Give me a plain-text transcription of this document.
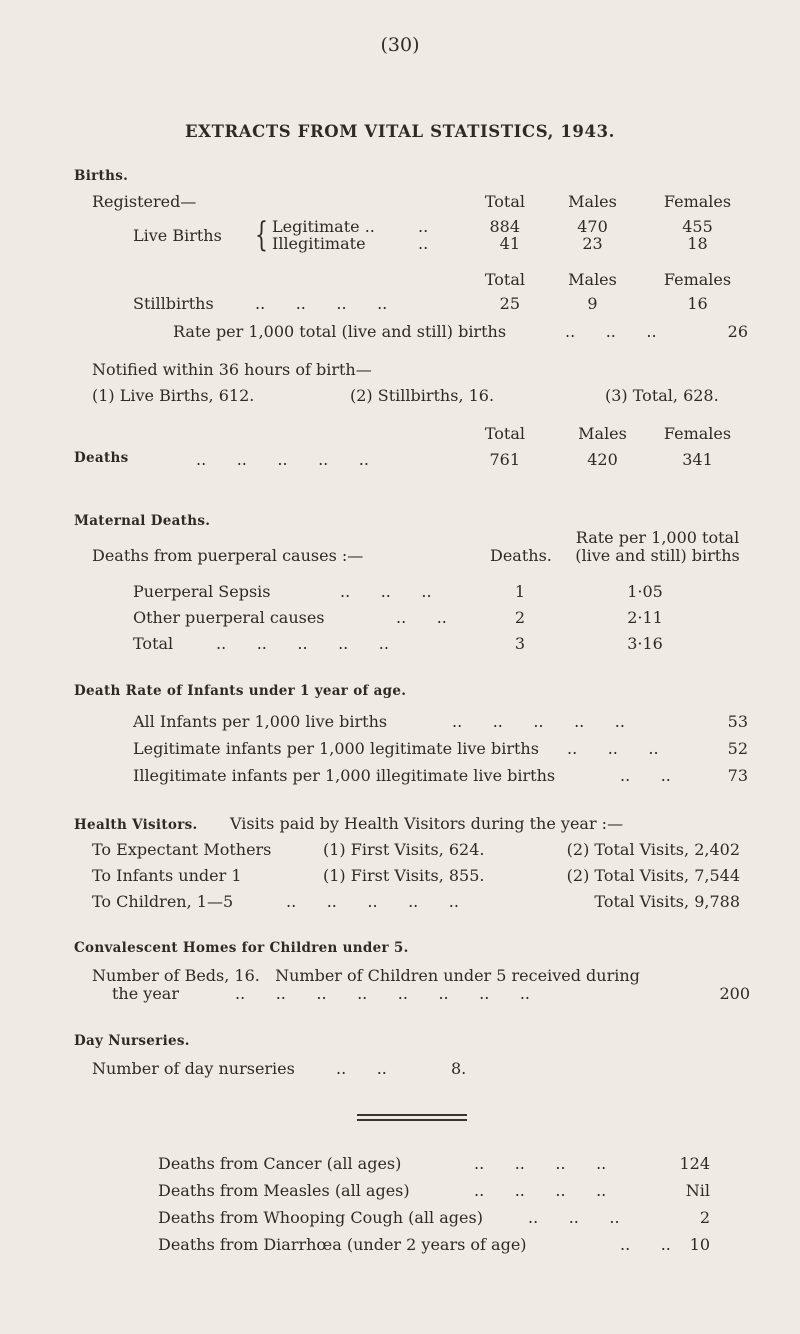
(30)
EXTRACTS FROM VITAL STATISTICS, 1943.
Births.
Registered—	Total	Males	Females
Live Births { Legitimate ..	..	884	470	455
Illegitimate	..	41	23	18
Total	Males	Females
Stillbirths	..      ..      ..      ..	25	9	16
Rate per 1,000 total (live and still) births	..      ..      ..	26
Notified within 36 hours of birth—
(1) Live Births, 612.	(2) Stillbirths, 16.	(3) Total, 628.
Total	Males	Females
Deaths	..      ..      ..      ..      ..	761	420	341
Maternal Deaths.
Rate per 1,000 total
Deaths from puerperal causes :—	Deaths.	(live and still) births
Puerperal Sepsis	..      ..      ..	1	1·05
Other puerperal causes	..      ..	2	2·11
Total	..      ..      ..      ..      ..	3	3·16
Death Rate of Infants under 1 year of age.
All Infants per 1,000 live births	..      ..      ..      ..      ..	53
Legitimate infants per 1,000 legitimate live births ..      ..      ..	52
Illegitimate infants per 1,000 illegitimate live births	..      ..	73
Health Visitors. Visits paid by Health Visitors during the year :—
To Expectant Mothers	(1) First Visits, 624.	(2) Total Visits, 2,402
To Infants under 1	(1) First Visits, 855.	(2) Total Visits, 7,544
To Children, 1—5	..      ..      ..      ..      ..	Total Visits, 9,788
Convalescent Homes for Children under 5.
Number of Beds, 16.   Number of Children under 5 received during
the year	..      ..      ..      ..      ..      ..      ..      ..	200
Day Nurseries.
Number of day nurseries	..      ..	8.
Deaths from Cancer (all ages)	..      ..      ..      ..	124
Deaths from Measles (all ages)	..      ..      ..      ..	Nil
Deaths from Whooping Cough (all ages)	..      ..      ..	2
Deaths from Diarrhœa (under 2 years of age)	..      ..	10
